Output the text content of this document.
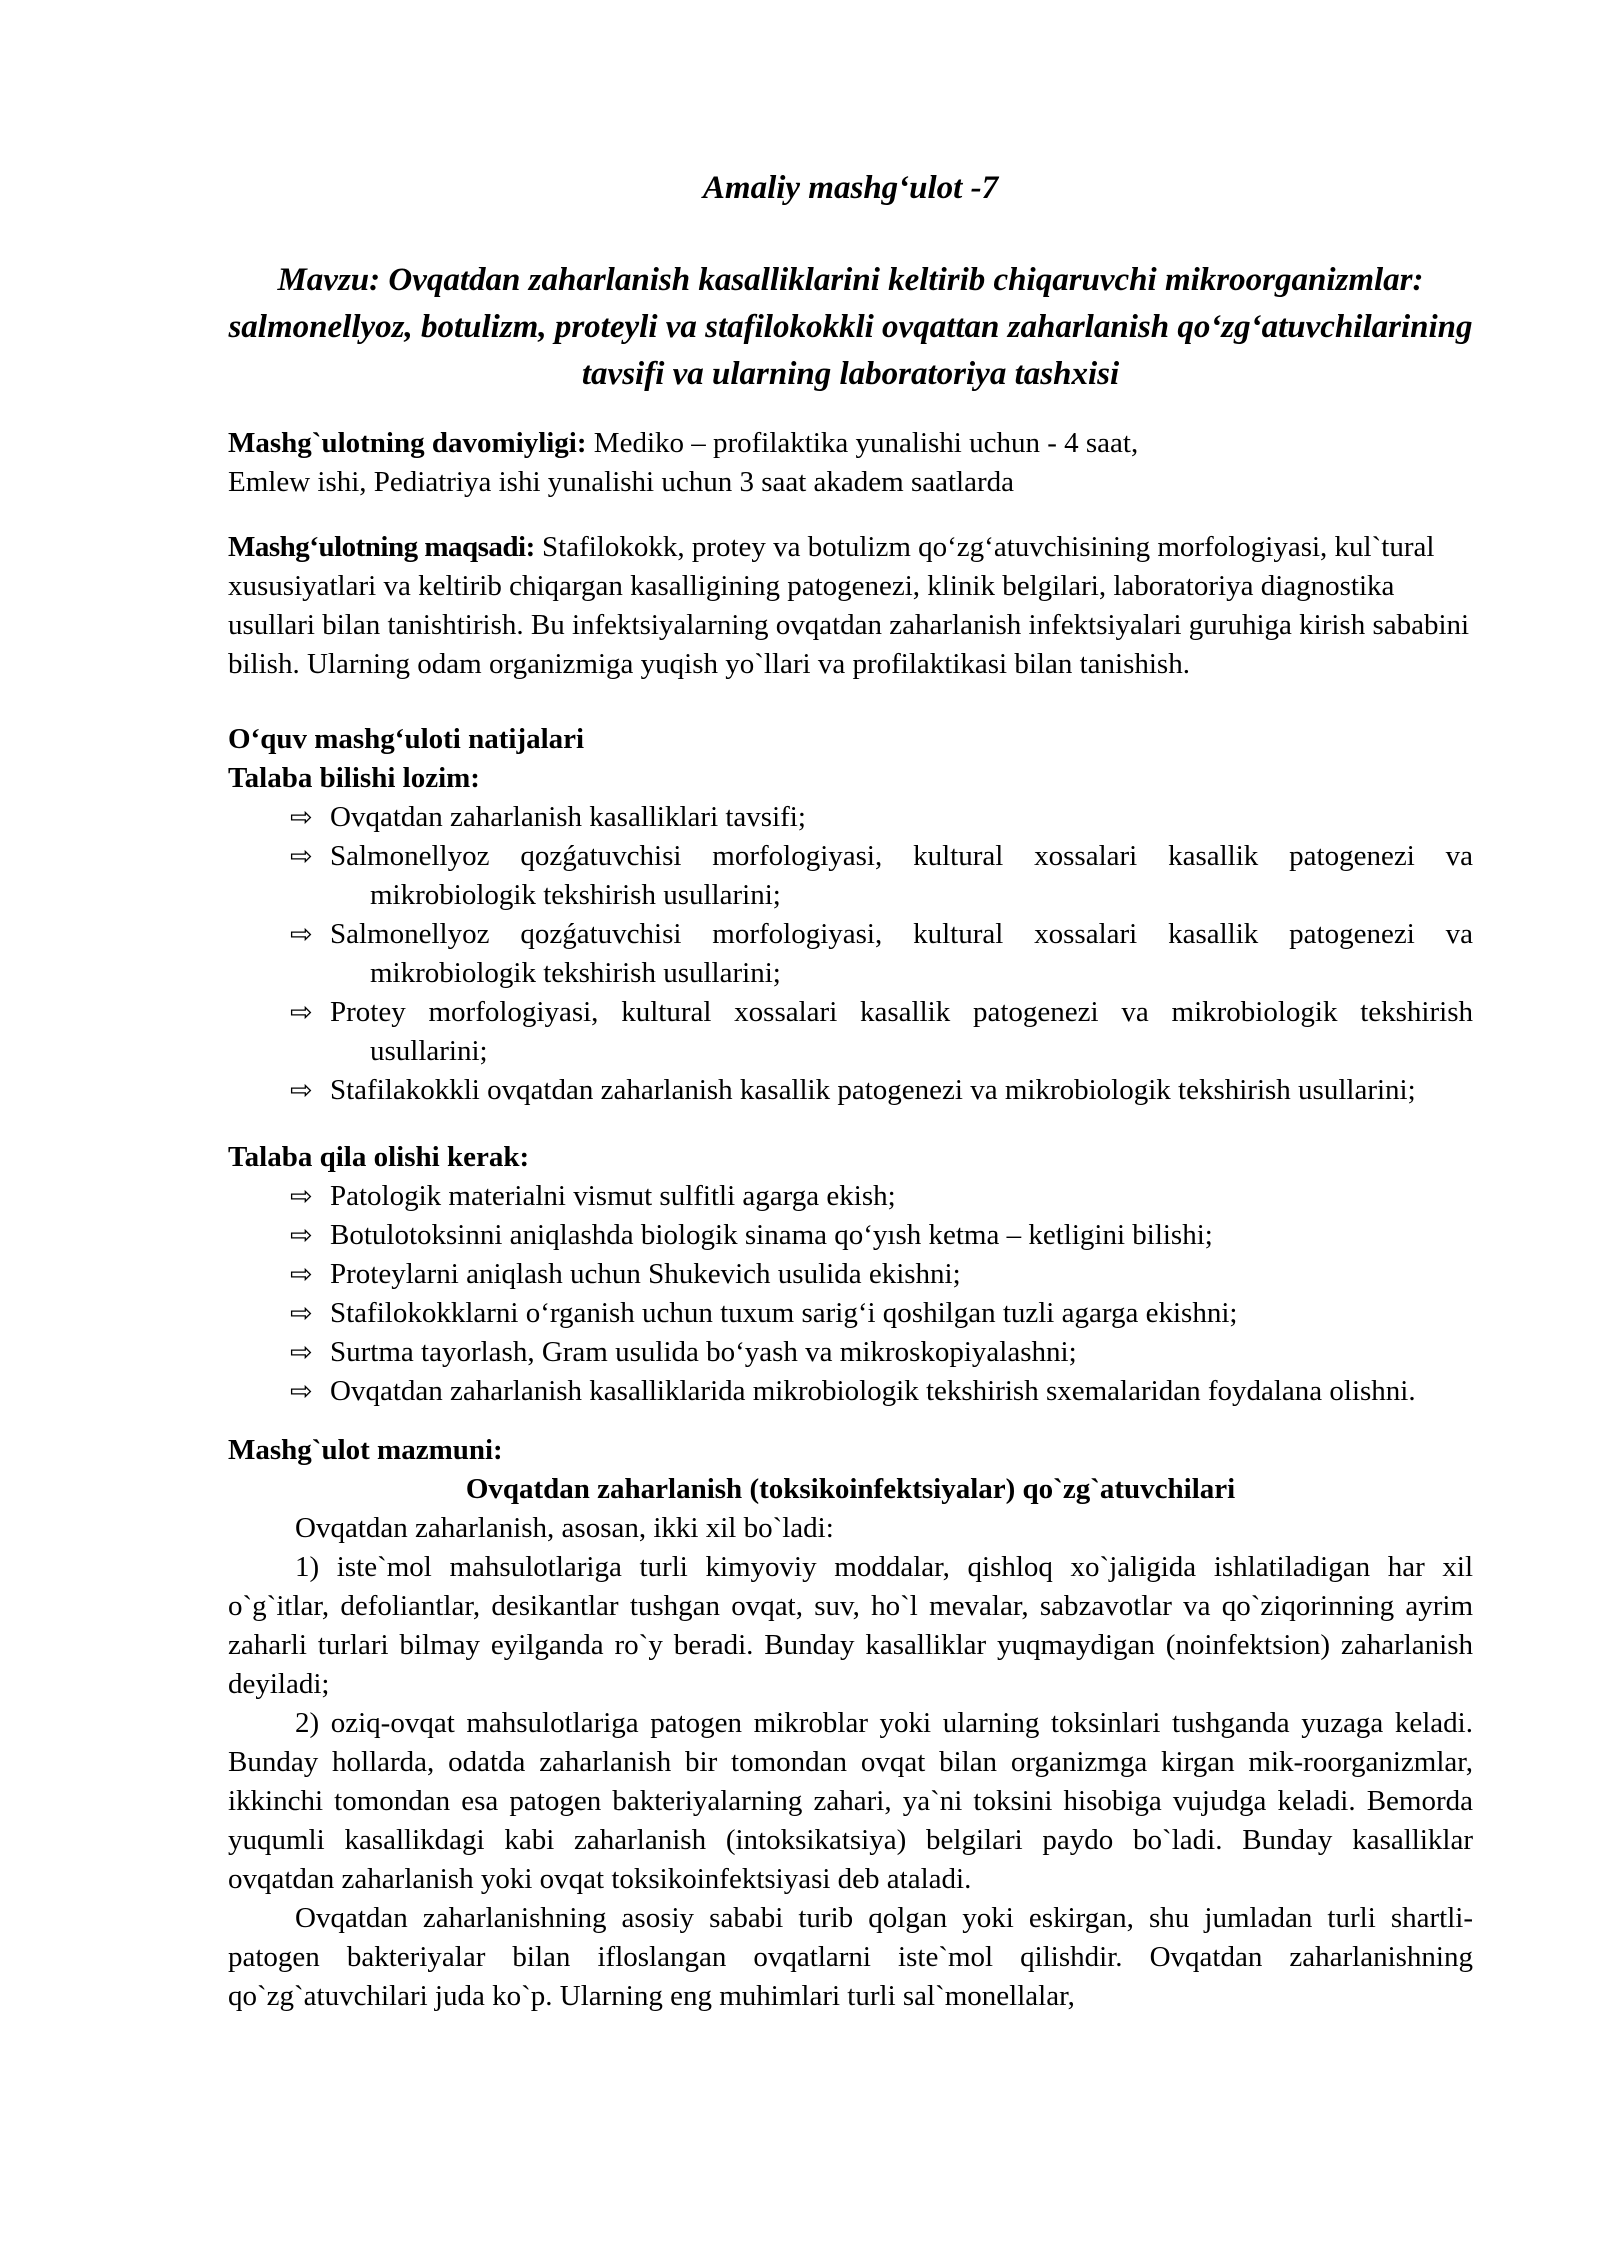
Amaliy mashgʻulot -7
Mavzu: Ovqatdan zaharlanish kasalliklarini keltirib chiqaruvchi mikroorganizmlar: salmonellyoz, botulizm, proteyli va stafilokokkli ovqattan zaharlanish qoʻzgʻatuvchilarining tavsifi va ularning laboratoriya tashxisi

Mashg`ulotning davomiyligi: Mediko – profilaktika yunalishi uchun - 4 saat,
Emlew ishi, Pediatriya ishi yunalishi uchun 3 saat akadem saatlarda

Mashgʻulotning maqsadi: Stafilokokk, protey va botulizm qoʻzgʻatuvchisining morfologiyasi, kul`tural xususiyatlari va keltirib chiqargan kasalligining patogenezi, klinik belgilari, laboratoriya diagnostika usullari bilan tanishtirish. Bu infektsiyalarning ovqatdan zaharlanish infektsiyalari guruhiga kirish sababini bilish. Ularning odam organizmiga yuqish yo`llari va profilaktikasi bilan tanishish.

Oʻquv mashgʻuloti natijalari

Talaba bilishi lozim:

⇨ Ovqatdan zaharlanish kasalliklari tavsifi;
⇨ Salmonellyoz qozǵatuvchisi morfologiyasi, kultural xossalari kasallik patogenezi va mikrobiologik tekshirish usullarini;
⇨ Salmonellyoz qozǵatuvchisi morfologiyasi, kultural xossalari kasallik patogenezi va mikrobiologik tekshirish usullarini;
⇨ Protey morfologiyasi, kultural xossalari kasallik patogenezi va mikrobiologik tekshirish usullarini;
⇨ Stafilakokkli ovqatdan zaharlanish kasallik patogenezi va mikrobiologik tekshirish usullarini;

Talaba qila olishi kerak:

⇨ Patologik materialni vismut sulfitli agarga ekish;
⇨ Botulotoksinni aniqlashda biologik sinama qoʻyısh ketma – ketligini bilishi;
⇨ Proteylarni aniqlash uchun Shukevich usulida ekishni;
⇨ Stafilokokklarni oʻrganish uchun tuxum sarigʻi qoshilgan tuzli agarga ekishni;
⇨ Surtma tayorlash, Gram usulida boʻyash va mikroskopiyalashni;
⇨ Ovqatdan zaharlanish kasalliklarida mikrobiologik tekshirish sxemalaridan foydalana olishni.

Mashg`ulot mazmuni:

Ovqatdan zaharlanish (toksikoinfektsiyalar) qo`zg`atuvchilari

Ovqatdan zaharlanish, asosan, ikki xil bo`ladi:

1) iste`mol mahsulotlariga turli kimyoviy moddalar, qishloq xo`jaligida ishlatiladigan har xil o`g`itlar, defoliantlar, desikantlar tushgan ovqat, suv, ho`l mevalar, sabzavotlar va qo`ziqorinning ayrim zaharli turlari bilmay eyilganda ro`y beradi. Bunday kasalliklar yuqmaydigan (noinfektsion) zaharlanish deyiladi;

2) oziq-ovqat mahsulotlariga patogen mikroblar yoki ularning toksinlari tushganda yuzaga keladi. Bunday hollarda, odatda zaharlanish bir tomondan ovqat bilan organizmga kirgan mik-roorganizmlar, ikkinchi tomondan esa patogen bakteriyalarning zahari, ya`ni toksini hisobiga vujudga keladi. Bemorda yuqumli kasallikdagi kabi zaharlanish (intoksikatsiya) belgilari paydo bo`ladi. Bunday kasalliklar ovqatdan zaharlanish yoki ovqat toksikoinfektsiyasi deb ataladi.

Ovqatdan zaharlanishning asosiy sababi turib qolgan yoki eskirgan, shu jumladan turli shartli-patogen bakteriyalar bilan ifloslangan ovqatlarni iste`mol qilishdir. Ovqatdan zaharlanishning qo`zg`atuvchilari juda ko`p. Ularning eng muhimlari turli sal`monellalar,
